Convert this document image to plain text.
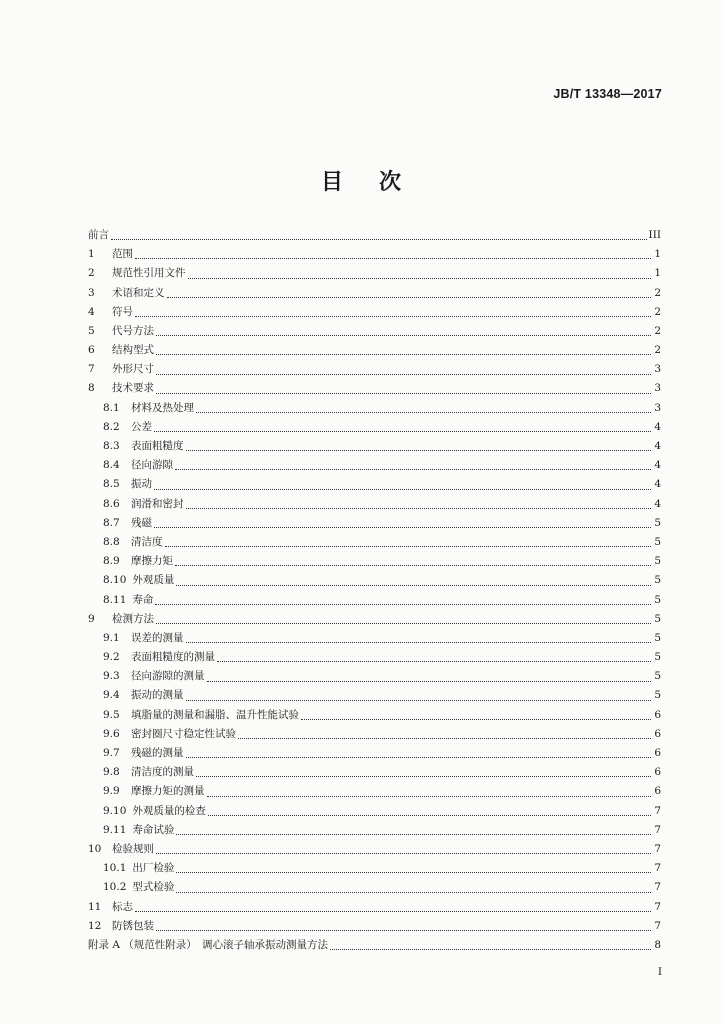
JB/T 13348—2017
目 次
前言	III
1	范围	1
2	规范性引用文件	1
3	术语和定义	2
4	符号	2
5	代号方法	2
6	结构型式	2
7	外形尺寸	3
8	技术要求	3
8.1	材料及热处理	3
8.2	公差	4
8.3	表面粗糙度	4
8.4	径向游隙	4
8.5	振动	4
8.6	润滑和密封	4
8.7	残磁	5
8.8	清洁度	5
8.9	摩擦力矩	5
8.10 外观质量	5
8.11 寿命	5
9	检测方法	5
9.1	误差的测量	5
9.2	表面粗糙度的测量	5
9.3	径向游隙的测量	5
9.4	振动的测量	5
9.5	填脂量的测量和漏脂、温升性能试验	6
9.6	密封圈尺寸稳定性试验	6
9.7	残磁的测量	6
9.8	清洁度的测量	6
9.9	摩擦力矩的测量	6
9.10 外观质量的检查	7
9.11 寿命试验	7
10	检验规则	7
10.1 出厂检验	7
10.2 型式检验	7
11	标志	7
12	防锈包装	7
附录 A （规范性附录）　调心滚子轴承振动测量方法	8
I
